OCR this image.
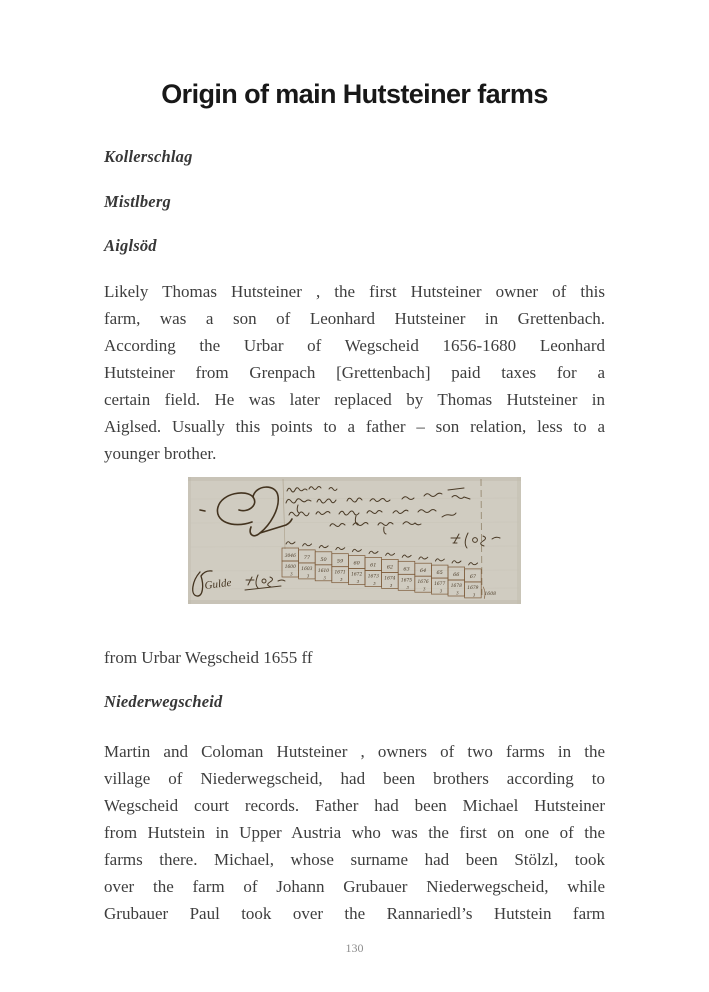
Origin of main Hutsteiner farms

Kollerschlag

Mistlberg

Aiglsöd

Likely Thomas Hutsteiner , the first Hutsteiner owner of this
farm, was a son of Leonhard Hutsteiner in Grettenbach.
According the Urbar of Wegscheid 1656-1680 Leonhard
Hutsteiner from Grenpach [Grettenbach] paid taxes for a
certain field. He was later replaced by Thomas Hutsteiner in
Aiglsed. Usually this points to a father – son relation, less to a
younger brother.
Gulde
3046
1600
ʒ
77
1603
ʒ
50
1610
ʒ
59
1671
ʒ
60
1672
ʒ
61
1673
ʒ
62
1674
ʒ
63
1675
ʒ
64
1676
ʒ
65
1677
ʒ
66
1678
ʒ
67
1679
ʒ 1608
from Urbar Wegscheid 1655 ff

Niederwegscheid

Martin and Coloman Hutsteiner , owners of two farms in the
village of Niederwegscheid, had been brothers according to
Wegscheid court records. Father had been Michael Hutsteiner
from Hutstein in Upper Austria who was the first on one of the
farms there. Michael, whose surname had been Stölzl, took
over the farm of Johann Grubauer Niederwegscheid, while
Grubauer Paul took over the Rannariedl’s Hutstein farm
130
